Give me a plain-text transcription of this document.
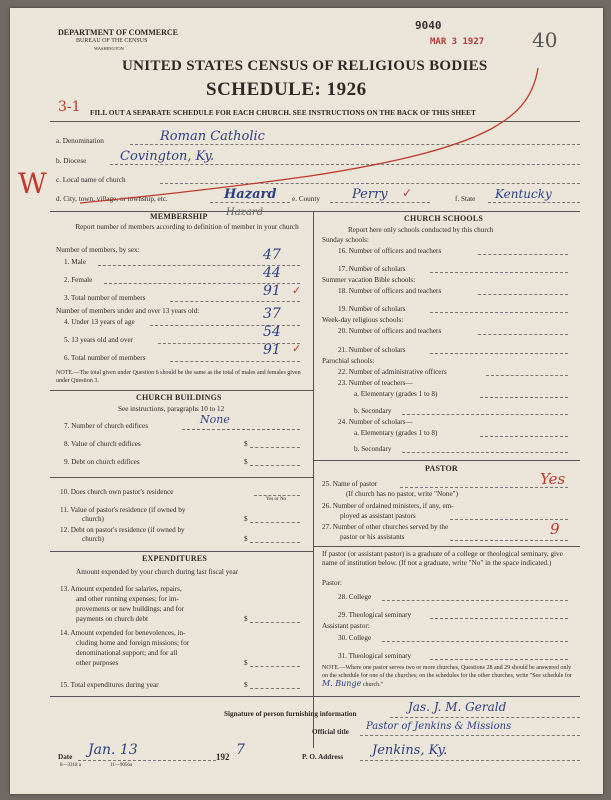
DEPARTMENT OF COMMERCE
BUREAU OF THE CENSUS
WASHINGTON
9040
MAR 3 1927 40
UNITED STATES CENSUS OF RELIGIOUS BODIES
SCHEDULE: 1926
3-1 FILL OUT A SEPARATE SCHEDULE FOR EACH CHURCH. SEE INSTRUCTIONS ON THE BACK OF THIS SHEET
a. Denomination	Roman Catholic
b. Diocese	Covington, Ky.
c. Local name of church
W d. City, town, village, or township, etc.	Hazard e. County Perry ✓	f. State Kentucky
MEMBERSHIP Hazard
Report number of members according to definition of member in your church
Number of members, by sex:
1. Male	47
2. Female	44
3. Total number of members	91 ✓
Number of members under and over 13 years old:
4. Under 13 years of age	37
5. 13 years old and over	54
6. Total number of members	91 ✓
NOTE.—The total given under Question 6 should be the same as the total of males and females given under Question 3.
CHURCH BUILDINGS
See instructions, paragraphs 10 to 12
7. Number of church edifices	None
8. Value of church edifices	$
9. Debt on church edifices	$
10. Does church own pastor's residence
Yes or No
11. Value of pastor's residence (if owned by
church)	$
12. Debt on pastor's residence (if owned by
church)	$
EXPENDITURES
Amount expended by your church during last fiscal year
13. Amount expended for salaries, repairs,
and other running expenses; for im-
provements or new buildings; and for
payments on church debt	$
14. Amount expended for benevolences, in-
cluding home and foreign missions; for
denominational support; and for all
other purposes	$
15. Total expenditures during year	$
CHURCH SCHOOLS
Report here only schools conducted by this church
Sunday schools:
16. Number of officers and teachers
17. Number of scholars
Summer vacation Bible schools:
18. Number of officers and teachers
19. Number of scholars
Week-day religious schools:
20. Number of officers and teachers
21. Number of scholars
Parochial schools:
22. Number of administrative officers
23. Number of teachers—
a. Elementary (grades 1 to 8)
b. Secondary
24. Number of scholars—
a. Elementary (grades 1 to 8)
b. Secondary
PASTOR
25. Name of pastor	Yes
(If church has no pastor, write "None")
26. Number of ordained ministers, if any, em-
ployed as assistant pastors
27. Number of other churches served by the
pastor or his assistants	9
If pastor (or assistant pastor) is a graduate of a college or theological seminary, give name of institution below. (If not a graduate, write "No" in the space indicated.)
Pastor:
28. College
29. Theological seminary
Assistant pastor:
30. College
31. Theological seminary
NOTE.—Where one pastor serves two or more churches, Questions 28 and 29 should be answered only on the schedule for one of the churches; on the schedules for the other churches, write "See schedule for M. Bunge church."
Signature of person furnishing information	Jas. J. M. Gerald
Official title Pastor of Jenkins & Missions
Date Jan. 13	192 7	P. O. Address Jenkins, Ky.
8—3318 a	11—9056a
